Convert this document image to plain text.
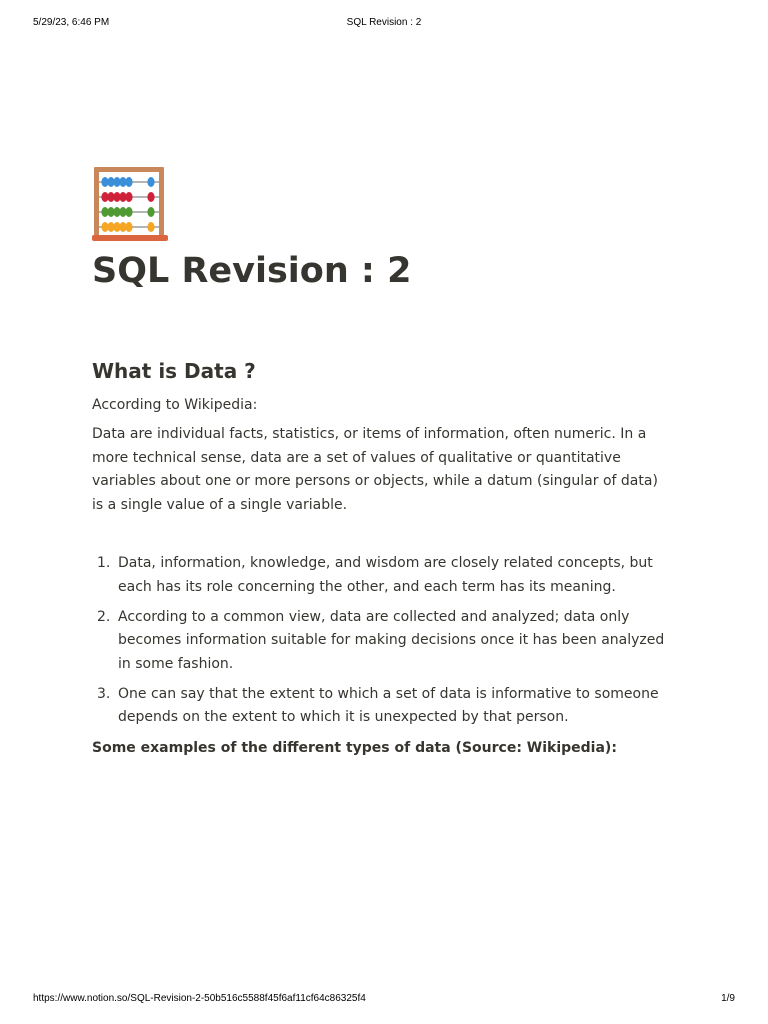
5/29/23, 6:46 PM	SQL Revision : 2
SQL Revision : 2
What is Data ?

According to Wikipedia:

Data are individual facts, statistics, or items of information, often numeric. In a more technical sense, data are a set of values of qualitative or quantitative variables about one or more persons or objects, while a datum (singular of data) is a single value of a single variable.

1. Data, information, knowledge, and wisdom are closely related concepts, but each has its role concerning the other, and each term has its meaning.
2. According to a common view, data are collected and analyzed; data only becomes information suitable for making decisions once it has been analyzed in some fashion.
3. One can say that the extent to which a set of data is informative to someone depends on the extent to which it is unexpected by that person.

Some examples of the different types of data (Source: Wikipedia):

https://www.notion.so/SQL-Revision-2-50b516c5588f45f6af11cf64c86325f4	1/9
